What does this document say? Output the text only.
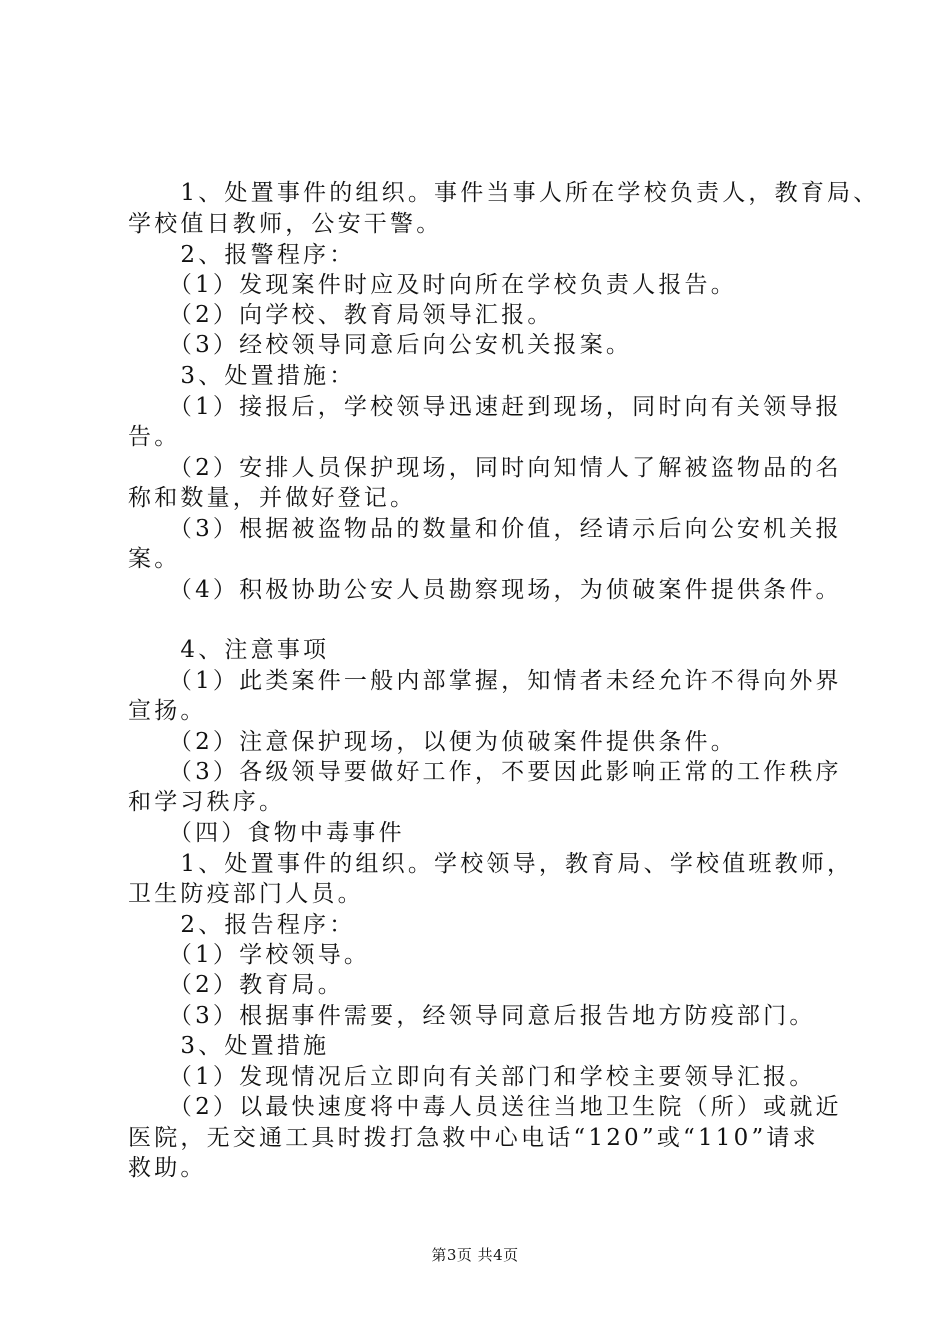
　　1、处置事件的组织。事件当事人所在学校负责人，教育局、
学校值日教师，公安干警。
　　2、报警程序：
　　（1）发现案件时应及时向所在学校负责人报告。
　　（2）向学校、教育局领导汇报。
　　（3）经校领导同意后向公安机关报案。
　　3、处置措施：
　　（1）接报后，学校领导迅速赶到现场，同时向有关领导报
告。
　　（2）安排人员保护现场，同时向知情人了解被盗物品的名
称和数量，并做好登记。
　　（3）根据被盗物品的数量和价值，经请示后向公安机关报
案。
　　（4）积极协助公安人员勘察现场，为侦破案件提供条件。
　　4、注意事项
　　（1）此类案件一般内部掌握，知情者未经允许不得向外界
宣扬。
　　（2）注意保护现场，以便为侦破案件提供条件。
　　（3）各级领导要做好工作，不要因此影响正常的工作秩序
和学习秩序。
　　（四）食物中毒事件
　　1、处置事件的组织。学校领导，教育局、学校值班教师，
卫生防疫部门人员。
　　2、报告程序：
　　（1）学校领导。
　　（2）教育局。
　　（3）根据事件需要，经领导同意后报告地方防疫部门。
　　3、处置措施
　　（1）发现情况后立即向有关部门和学校主要领导汇报。
　　（2）以最快速度将中毒人员送往当地卫生院（所）或就近
医院，无交通工具时拨打急救中心电话“120”或“110”请求
救助。
第3页 共4页
